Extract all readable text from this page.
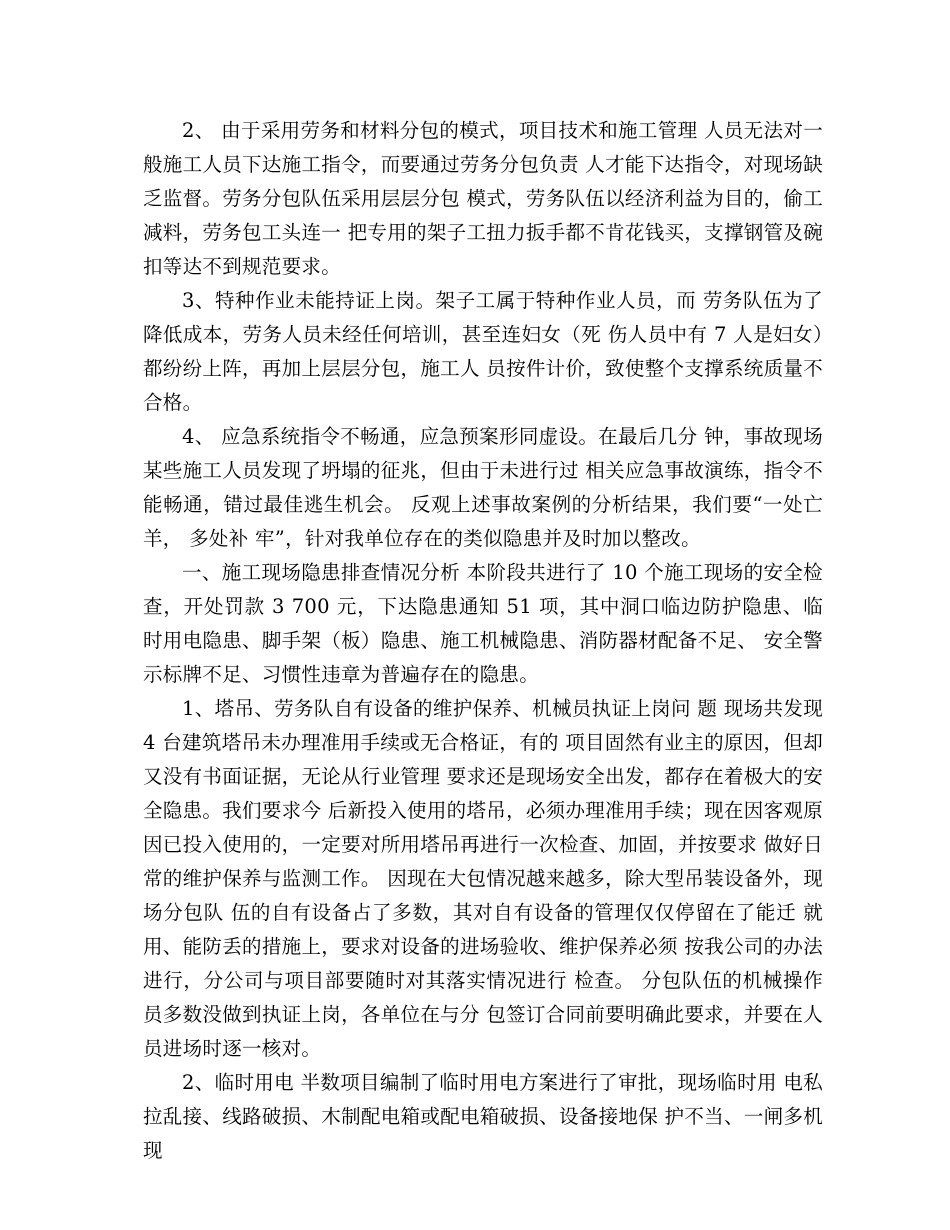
2、 由于采用劳务和材料分包的模式，项目技术和施工管理 人员无法对一般施工人员下达施工指令，而要通过劳务分包负责 人才能下达指令，对现场缺乏监督。劳务分包队伍采用层层分包 模式，劳务队伍以经济利益为目的，偷工减料，劳务包工头连一 把专用的架子工扭力扳手都不肯花钱买，支撑钢管及碗扣等达不到规范要求。

3、特种作业未能持证上岗。架子工属于特种作业人员，而 劳务队伍为了降低成本，劳务人员未经任何培训，甚至连妇女（死 伤人员中有 7 人是妇女）都纷纷上阵，再加上层层分包，施工人 员按件计价，致使整个支撑系统质量不合格。

4、 应急系统指令不畅通，应急预案形同虚设。在最后几分 钟，事故现场某些施工人员发现了坍塌的征兆，但由于未进行过 相关应急事故演练，指令不能畅通，错过最佳逃生机会。 反观上述事故案例的分析结果，我们要“一处亡羊， 多处补 牢”，针对我单位存在的类似隐患并及时加以整改。

一、施工现场隐患排查情况分析 本阶段共进行了 10 个施工现场的安全检查，开处罚款 3 700 元，下达隐患通知 51 项，其中洞口临边防护隐患、临时用电隐患、脚手架（板）隐患、施工机械隐患、消防器材配备不足、 安全警示标牌不足、习惯性违章为普遍存在的隐患。

1、塔吊、劳务队自有设备的维护保养、机械员执证上岗问 题 现场共发现 4 台建筑塔吊未办理准用手续或无合格证，有的 项目固然有业主的原因，但却又没有书面证据，无论从行业管理 要求还是现场安全出发，都存在着极大的安全隐患。我们要求今 后新投入使用的塔吊，必须办理准用手续；现在因客观原因已投入使用的，一定要对所用塔吊再进行一次检查、加固，并按要求 做好日常的维护保养与监测工作。 因现在大包情况越来越多，除大型吊装设备外，现场分包队 伍的自有设备占了多数，其对自有设备的管理仅仅停留在了能迁 就用、能防丢的措施上，要求对设备的进场验收、维护保养必须 按我公司的办法进行，分公司与项目部要随时对其落实情况进行 检查。 分包队伍的机械操作员多数没做到执证上岗，各单位在与分 包签订合同前要明确此要求，并要在人员进场时逐一核对。

2、临时用电 半数项目编制了临时用电方案进行了审批，现场临时用 电私拉乱接、线路破损、木制配电箱或配电箱破损、设备接地保 护不当、一闸多机现
